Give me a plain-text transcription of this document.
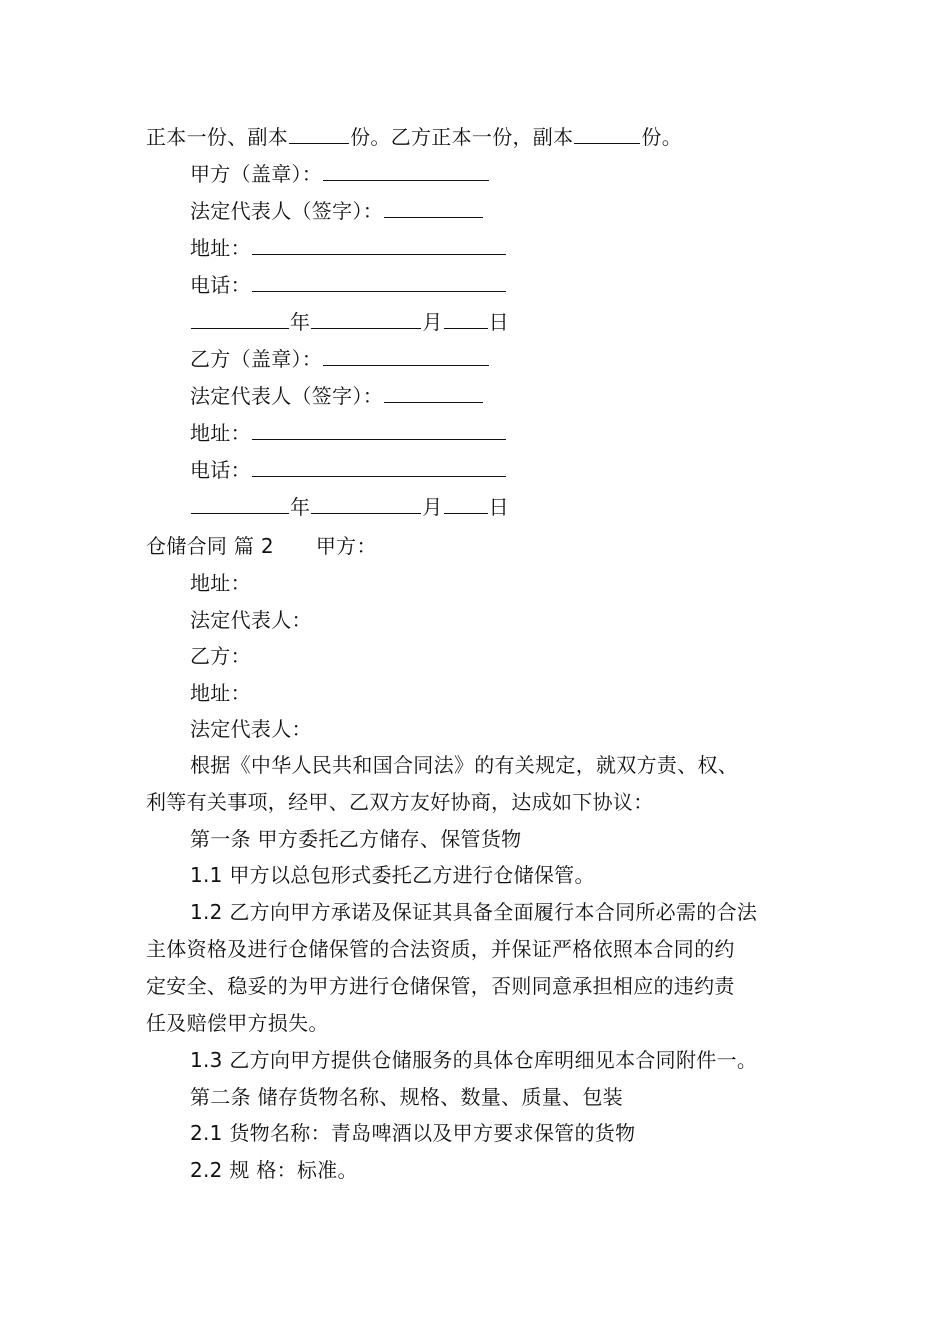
正本一份、副本	份。乙方正本一份，副本	份。
甲方（盖章）：
法定代表人（签字）：
地址：
电话：
年	月 日
乙方（盖章）：
法定代表人（签字）：
地址：
电话：
年	月 日
仓储合同 篇 2 甲方：
地址：
法定代表人：
乙方：
地址：
法定代表人：
根据《中华人民共和国合同法》的有关规定，就双方责、权、
利等有关事项，经甲、乙双方友好协商，达成如下协议：
第一条 甲方委托乙方储存、保管货物
1.1 甲方以总包形式委托乙方进行仓储保管。
1.2 乙方向甲方承诺及保证其具备全面履行本合同所必需的合法
主体资格及进行仓储保管的合法资质，并保证严格依照本合同的约
定安全、稳妥的为甲方进行仓储保管，否则同意承担相应的违约责
任及赔偿甲方损失。
1.3 乙方向甲方提供仓储服务的具体仓库明细见本合同附件一。
第二条 储存货物名称、规格、数量、质量、包装
2.1 货物名称：青岛啤酒以及甲方要求保管的货物
2.2 规 格：标准。
